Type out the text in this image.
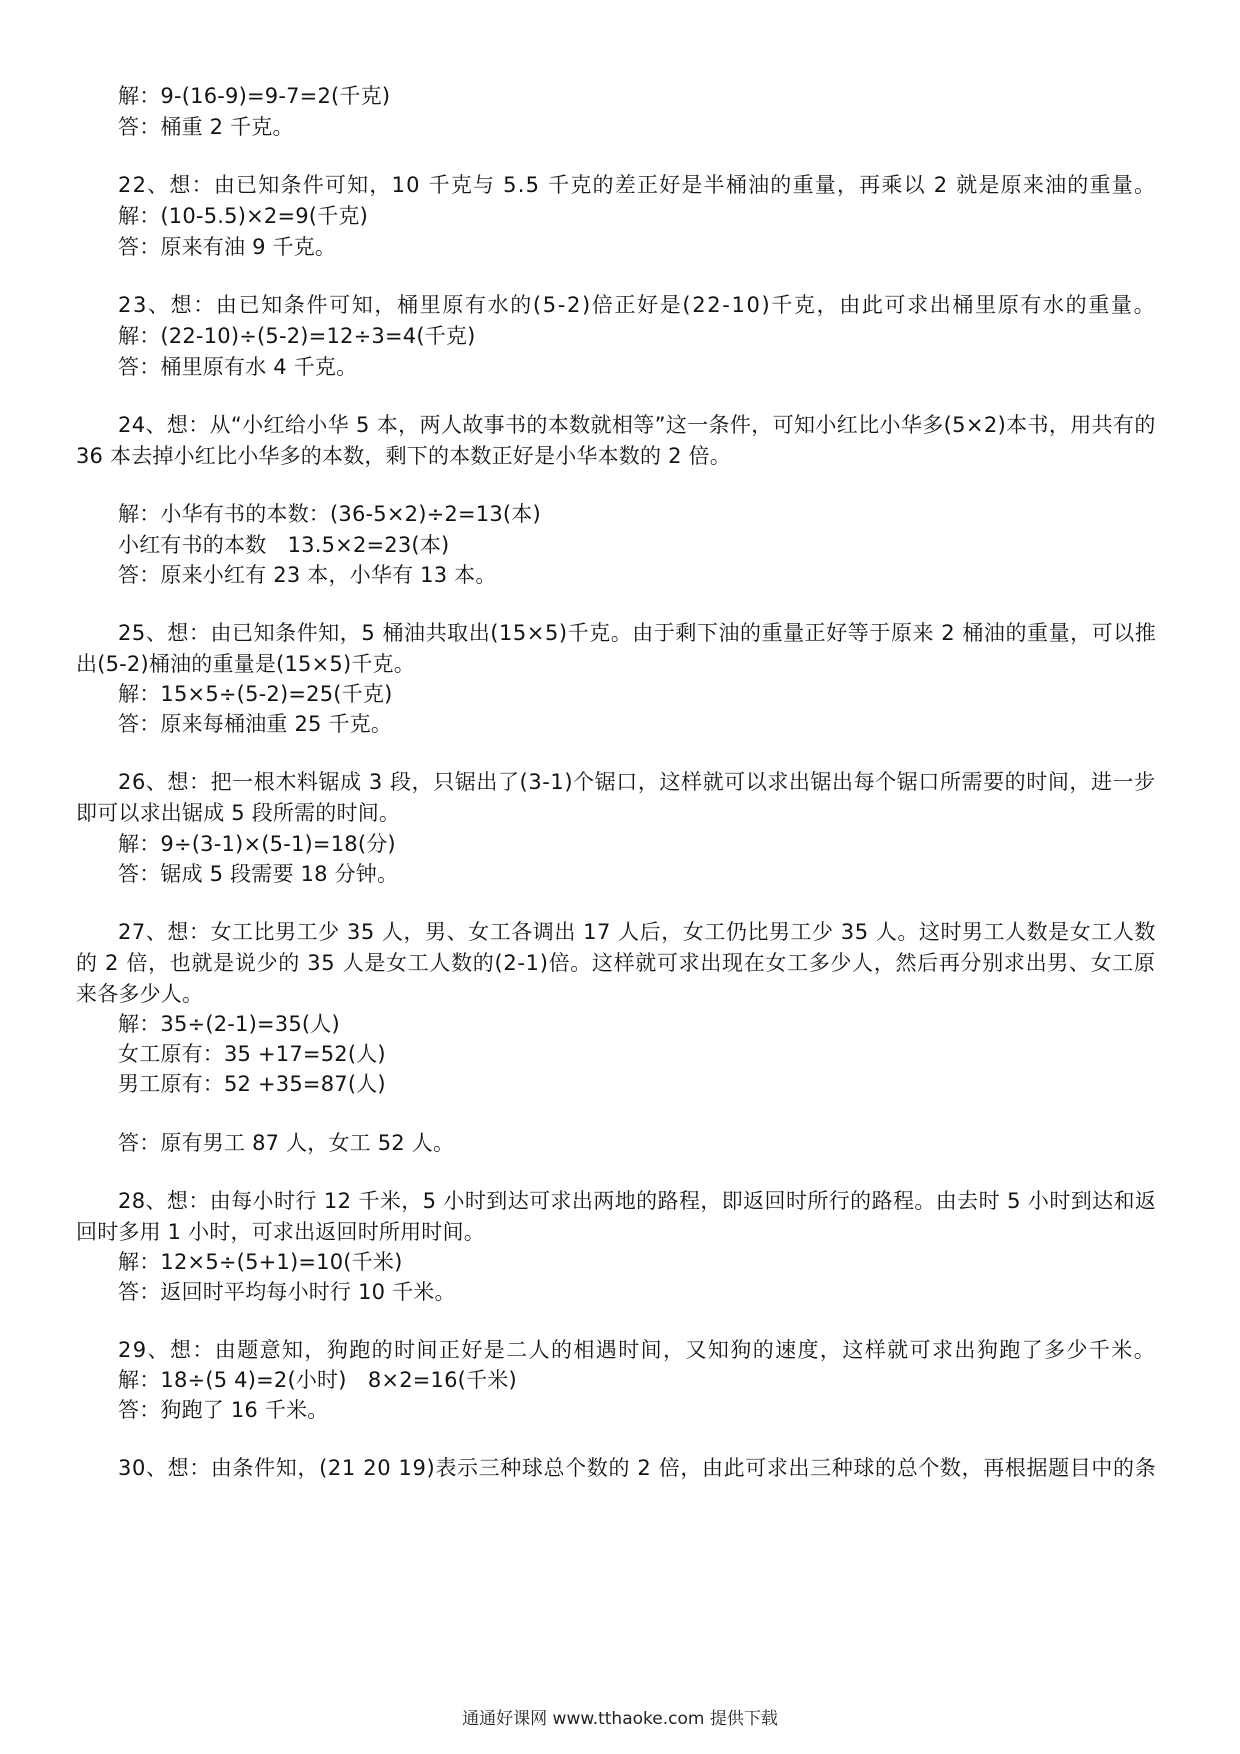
解：9-(16-9)=9-7=2(千克)
答：桶重 2 千克。
22、想：由已知条件可知，10 千克与 5.5 千克的差正好是半桶油的重量，再乘以 2 就是原来油的重量。
解：(10-5.5)×2=9(千克)
答：原来有油 9 千克。
23、想：由已知条件可知，桶里原有水的(5-2)倍正好是(22-10)千克，由此可求出桶里原有水的重量。
解：(22-10)÷(5-2)=12÷3=4(千克)
答：桶里原有水 4 千克。
24、想：从“小红给小华 5 本，两人故事书的本数就相等”这一条件，可知小红比小华多(5×2)本书，用共有的
36 本去掉小红比小华多的本数，剩下的本数正好是小华本数的 2 倍。
解：小华有书的本数：(36-5×2)÷2=13(本)
小红有书的本数　13.5×2=23(本)
答：原来小红有 23 本，小华有 13 本。
25、想：由已知条件知，5 桶油共取出(15×5)千克。由于剩下油的重量正好等于原来 2 桶油的重量，可以推
出(5-2)桶油的重量是(15×5)千克。
解：15×5÷(5-2)=25(千克)
答：原来每桶油重 25 千克。
26、想：把一根木料锯成 3 段，只锯出了(3-1)个锯口，这样就可以求出锯出每个锯口所需要的时间，进一步
即可以求出锯成 5 段所需的时间。
解：9÷(3-1)×(5-1)=18(分)
答：锯成 5 段需要 18 分钟。
27、想：女工比男工少 35 人，男、女工各调出 17 人后，女工仍比男工少 35 人。这时男工人数是女工人数
的 2 倍，也就是说少的 35 人是女工人数的(2-1)倍。这样就可求出现在女工多少人，然后再分别求出男、女工原
来各多少人。
解：35÷(2-1)=35(人)
女工原有：35 +17=52(人)
男工原有：52 +35=87(人)
答：原有男工 87 人，女工 52 人。
28、想：由每小时行 12 千米，5 小时到达可求出两地的路程，即返回时所行的路程。由去时 5 小时到达和返
回时多用 1 小时，可求出返回时所用时间。
解：12×5÷(5+1)=10(千米)
答：返回时平均每小时行 10 千米。
29、想：由题意知，狗跑的时间正好是二人的相遇时间，又知狗的速度，这样就可求出狗跑了多少千米。
解：18÷(5 4)=2(小时)　8×2=16(千米)
答：狗跑了 16 千米。
30、想：由条件知，(21 20 19)表示三种球总个数的 2 倍，由此可求出三种球的总个数，再根据题目中的条
通通好课网 www.tthaoke.com 提供下载
